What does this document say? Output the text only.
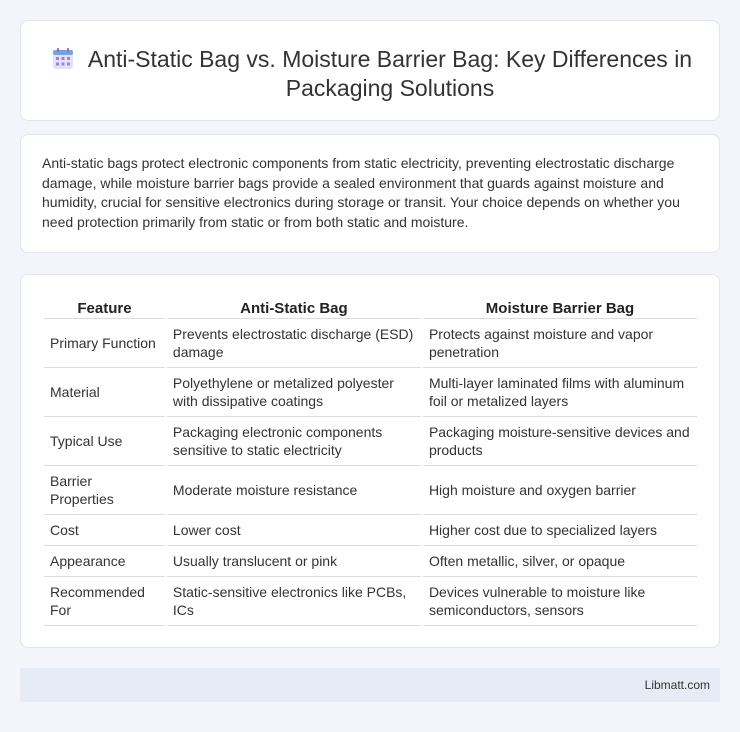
Anti-Static Bag vs. Moisture Barrier Bag: Key Differences in Packaging Solutions

Anti-static bags protect electronic components from static electricity, preventing electrostatic discharge damage, while moisture barrier bags provide a sealed environment that guards against moisture and humidity, crucial for sensitive electronics during storage or transit. Your choice depends on whether you need protection primarily from static or from both static and moisture.

Feature	Anti-Static Bag	Moisture Barrier Bag
Primary Function	Prevents electrostatic discharge (ESD) damage	Protects against moisture and vapor penetration
Material	Polyethylene or metalized polyester with dissipative coatings	Multi-layer laminated films with aluminum foil or metalized layers
Typical Use	Packaging electronic components sensitive to static electricity	Packaging moisture-sensitive devices and products
Barrier Properties	Moderate moisture resistance	High moisture and oxygen barrier
Cost	Lower cost	Higher cost due to specialized layers
Appearance	Usually translucent or pink	Often metallic, silver, or opaque
Recommended For	Static-sensitive electronics like PCBs, ICs	Devices vulnerable to moisture like semiconductors, sensors
Libmatt.com
